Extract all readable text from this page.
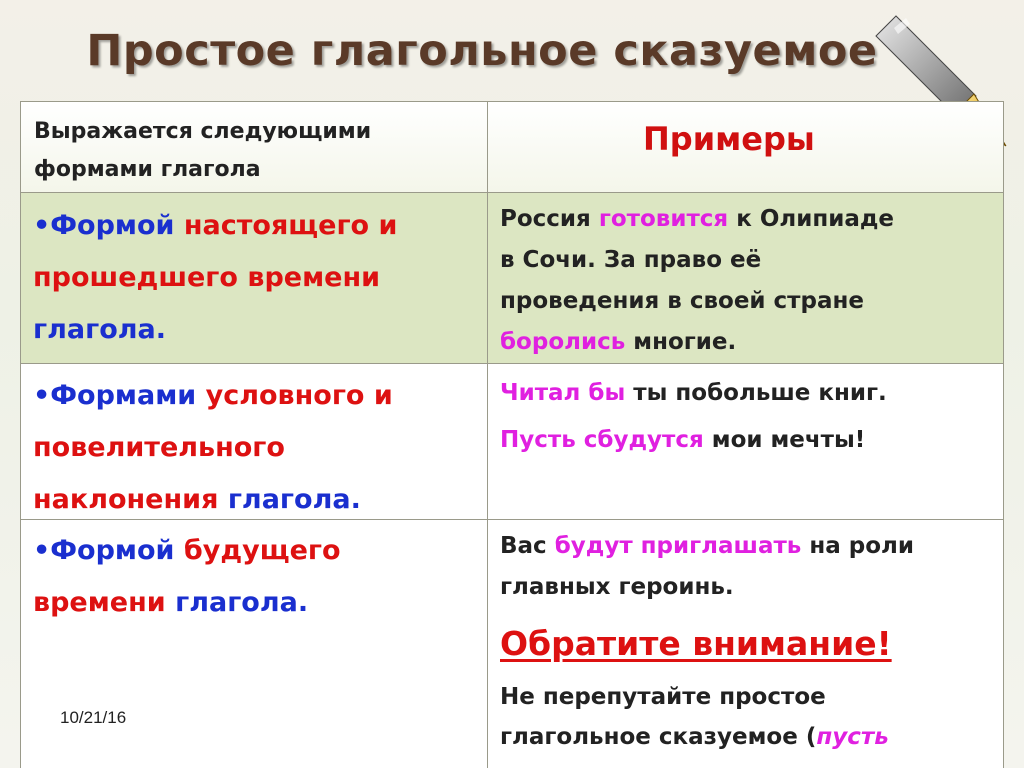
Простое глагольное сказуемое
Выражается следующими
формами глагола
Примеры
•Формой настоящего и
прошедшего времени
глагола.
Россия готовится к Олипиаде
в Сочи. За право её
проведения в своей стране
боролись многие.
•Формами условного и
повелительного
наклонения глагола.
Читал бы ты побольше книг.
Пусть сбудутся мои мечты!
•Формой будущего
времени глагола.
Вас будут приглашать на роли
главных героинь.
Обратите внимание!
Не перепутайте простое
глагольное сказуемое (пусть
10/21/16
